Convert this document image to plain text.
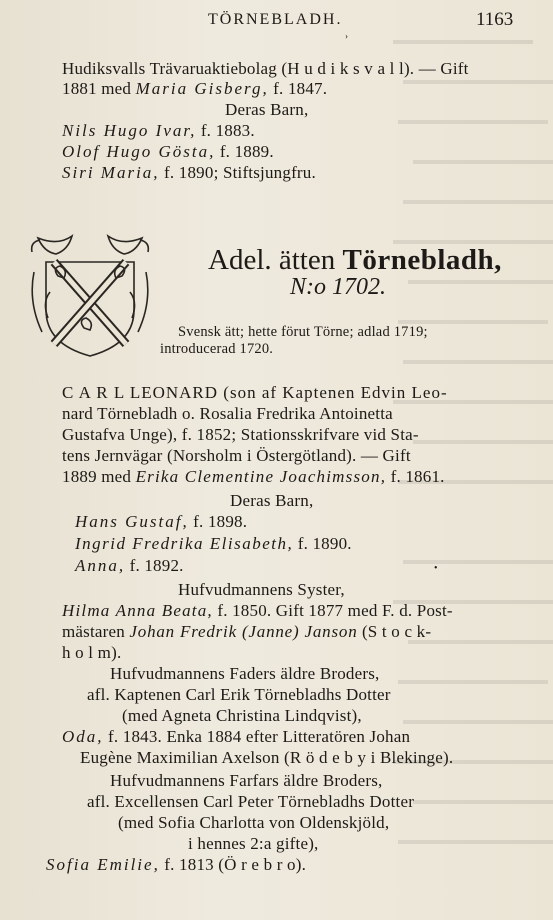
TÖRNEBLADH.	1163
›
Hudiksvalls Trävaruaktiebolag (H u d i k s v a l l). — Gift
1881 med Maria Gisberg, f. 1847.
Deras Barn,
Nils Hugo Ivar, f. 1883.
Olof Hugo Gösta, f. 1889.
Siri Maria, f. 1890; Stiftsjungfru.
Adel. ätten Törnebladh,
N:o 1702.
Svensk ätt; hette förut Törne; adlad 1719;
introducerad 1720.
C A R L LEONARD (son af Kaptenen Edvin Leo-
nard Törnebladh o. Rosalia Fredrika Antoinetta
Gustafva Unge), f. 1852; Stationsskrifvare vid Sta-
tens Jernvägar (Norsholm i Östergötland). — Gift
1889 med Erika Clementine Joachimsson, f. 1861.
Deras Barn,
Hans Gustaf, f. 1898.
Ingrid Fredrika Elisabeth, f. 1890.
Anna, f. 1892.	•
Hufvudmannens Syster,
Hilma Anna Beata, f. 1850. Gift 1877 med F. d. Post-
mästaren Johan Fredrik (Janne) Janson (S t o c k-
h o l m).
Hufvudmannens Faders äldre Broders,
afl. Kaptenen Carl Erik Törnebladhs Dotter
(med Agneta Christina Lindqvist),
Oda, f. 1843. Enka 1884 efter Litteratören Johan
Eugène Maximilian Axelson (R ö d e b y i Blekinge).
Hufvudmannens Farfars äldre Broders,
afl. Excellensen Carl Peter Törnebladhs Dotter
(med Sofia Charlotta von Oldenskjöld,
i hennes 2:a gifte),
Sofia Emilie, f. 1813 (Ö r e b r o).
